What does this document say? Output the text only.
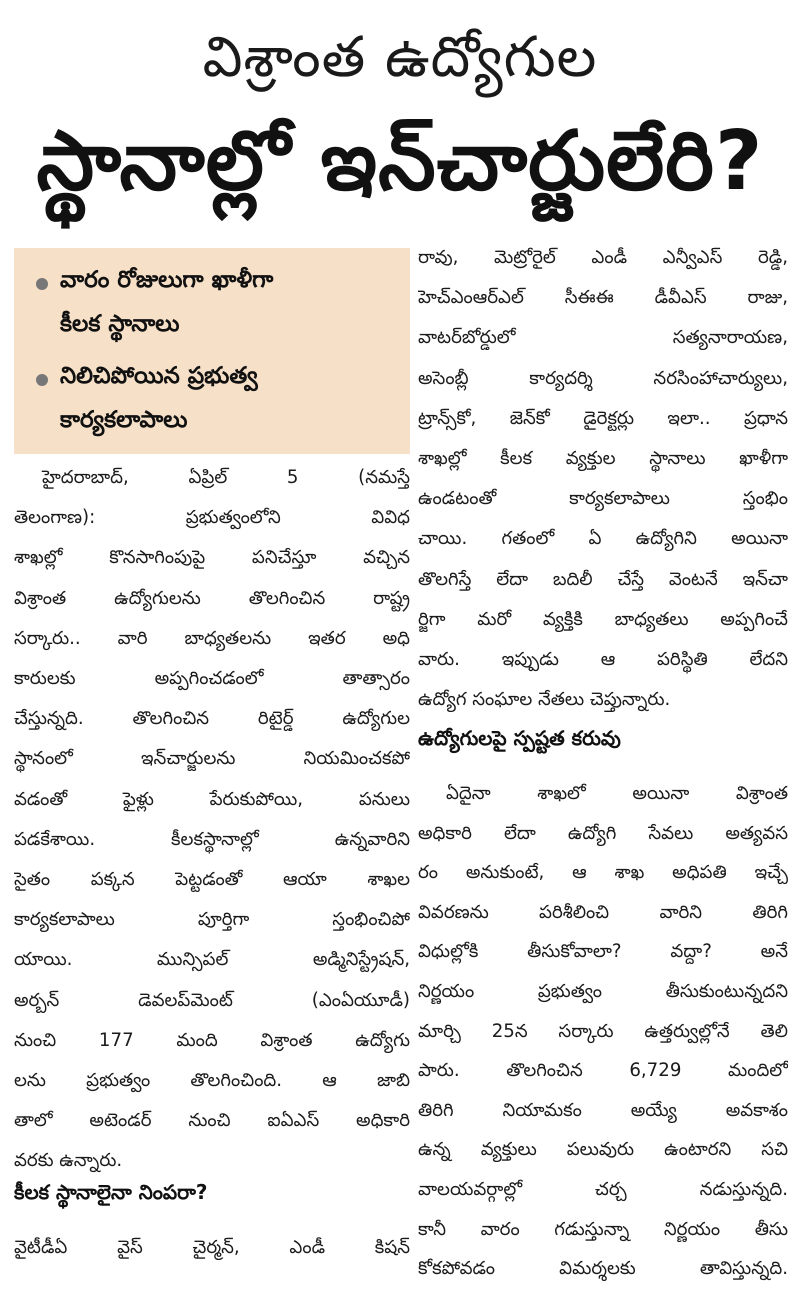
విశ్రాంత ఉద్యోగుల
స్థానాల్లో ఇన్‌చార్జులేరి?
వారం రోజులుగా ఖాళీగా
కీలక స్థానాలు
నిలిచిపోయిన ప్రభుత్వ
కార్యకలాపాలు
హైదరాబాద్, ఏప్రిల్ 5 (నమస్తే
తెలంగాణ): ప్రభుత్వంలోని వివిధ
శాఖల్లో కొనసాగింపుపై పనిచేస్తూ వచ్చిన
విశ్రాంత ఉద్యోగులను తొలగించిన రాష్ట్ర
సర్కారు.. వారి బాధ్యతలను ఇతర అధి
కారులకు అప్పగించడంలో తాత్సారం
చేస్తున్నది. తొలగించిన రిటైర్డ్ ఉద్యోగుల
స్థానంలో ఇన్‌చార్జులను నియమించకపో
వడంతో ఫైళ్లు పేరుకుపోయి, పనులు
పడకేశాయి. కీలకస్థానాల్లో ఉన్నవారిని
సైతం పక్కన పెట్టడంతో ఆయా శాఖల
కార్యకలాపాలు పూర్తిగా స్తంభించిపో
యాయి. మున్సిపల్ అడ్మినిస్ట్రేషన్,
అర్బన్ డెవలప్‌మెంట్ (ఎంఏయూడీ)
నుంచి 177 మంది విశ్రాంత ఉద్యోగు
లను ప్రభుత్వం తొలగించింది. ఆ జాబి
తాలో అటెండర్ నుంచి ఐఏఎస్ అధికారి
వరకు ఉన్నారు.
కీలక స్థానాలైనా నింపరా?
వైటీడీఏ వైస్ చైర్మన్, ఎండీ కిషన్
రావు, మెట్రోరైల్ ఎండీ ఎన్వీఎస్ రెడ్డి,
హెచ్‌ఎంఆర్‌ఎల్ సీఈఈ డీవీఎస్ రాజు,
వాటర్‌బోర్డులో సత్యనారాయణ,
అసెంబ్లీ కార్యదర్శి నరసింహాచార్యులు,
ట్రాన్స్‌కో, జెన్‌కో డైరెక్టర్లు ఇలా.. ప్రధాన
శాఖల్లో కీలక వ్యక్తుల స్థానాలు ఖాళీగా
ఉండటంతో కార్యకలాపాలు స్తంభిం
చాయి. గతంలో ఏ ఉద్యోగిని అయినా
తొలగిస్తే లేదా బదిలీ చేస్తే వెంటనే ఇన్‌చా
ర్జిగా మరో వ్యక్తికి బాధ్యతలు అప్పగించే
వారు. ఇప్పుడు ఆ పరిస్థితి లేదని
ఉద్యోగ సంఘాల నేతలు చెప్తున్నారు.
ఉద్యోగులపై స్పష్టత కరువు
ఏదైనా శాఖలో అయినా విశ్రాంత
అధికారి లేదా ఉద్యోగి సేవలు అత్యవస
రం అనుకుంటే, ఆ శాఖ అధిపతి ఇచ్చే
వివరణను పరిశీలించి వారిని తిరిగి
విధుల్లోకి తీసుకోవాలా? వద్దా? అనే
నిర్ణయం ప్రభుత్వం తీసుకుంటున్నదని
మార్చి 25న సర్కారు ఉత్తర్వుల్లోనే తెలి
పారు. తొలగించిన 6,729 మందిలో
తిరిగి నియామకం అయ్యే అవకాశం
ఉన్న వ్యక్తులు పలువురు ఉంటారని సచి
వాలయవర్గాల్లో చర్చ నడుస్తున్నది.
కానీ వారం గడుస్తున్నా నిర్ణయం తీసు
కోకపోవడం విమర్శలకు తావిస్తున్నది.
